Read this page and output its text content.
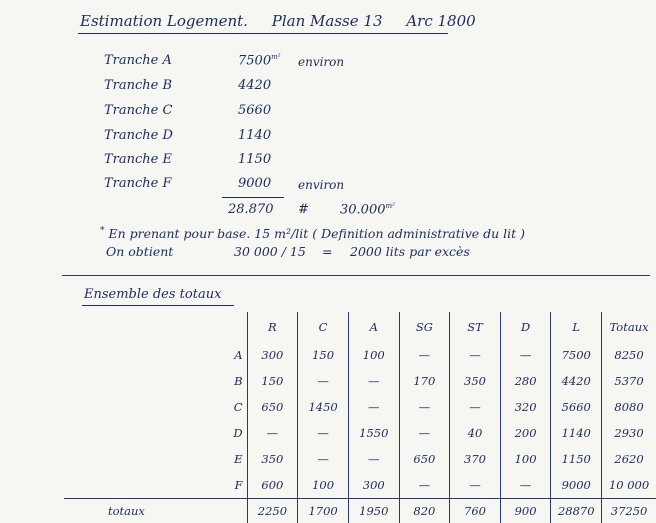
Estimation Logement. Plan Masse 13 Arc 1800
Tranche A	$7500^{m^2}$ environ
Tranche B	4420
Tranche C	5660
Tranche D	1140
Tranche E	1150
Tranche F	9000 environ
28.870 # $30.000^{m^2}$
* En prenant pour base. 15 m²/lit ( Definition administrative du lit )
On obtient	30 000 / 15 = 2000 lits par excès
Ensemble des totaux
	R	C	A	SG	ST	D	L	Totaux
A	300	150	100	—	—	—	7500	8250
B	150	—	—	170	350	280	4420	5370
C	650	1450	—	—	—	320	5660	8080
D	—	—	1550	—	40	200	1140	2930
E	350	—	—	650	370	100	1150	2620
F	600	100	300	—	—	—	9000	10 000
totaux	2250	1700	1950	820	760	900	28870	37250
